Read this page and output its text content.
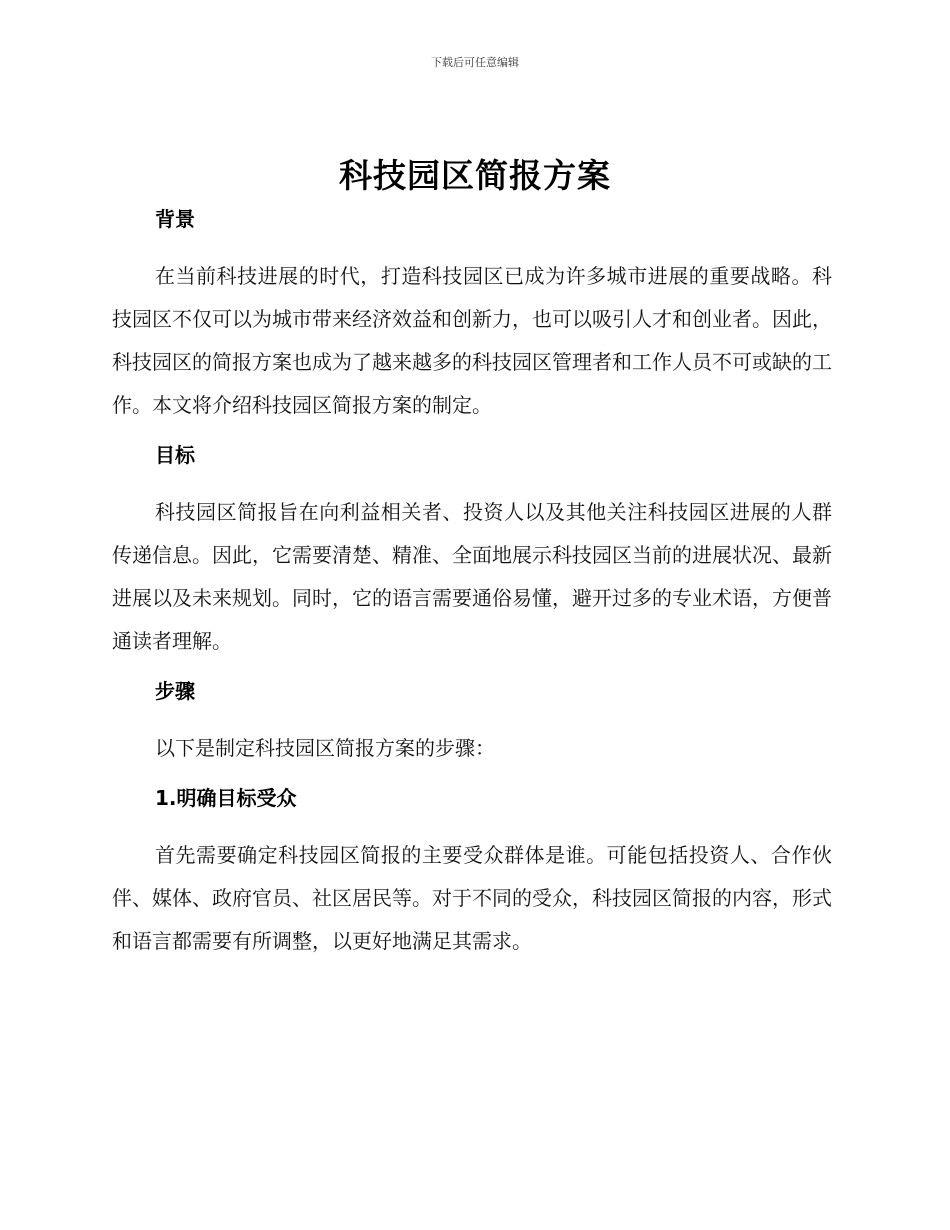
下载后可任意编辑
科技园区简报方案
背景

在当前科技进展的时代，打造科技园区已成为许多城市进展的重要战略。科技园区不仅可以为城市带来经济效益和创新力，也可以吸引人才和创业者。因此，科技园区的简报方案也成为了越来越多的科技园区管理者和工作人员不可或缺的工作。本文将介绍科技园区简报方案的制定。

目标

科技园区简报旨在向利益相关者、投资人以及其他关注科技园区进展的人群传递信息。因此，它需要清楚、精准、全面地展示科技园区当前的进展状况、最新进展以及未来规划。同时，它的语言需要通俗易懂，避开过多的专业术语，方便普通读者理解。

步骤

以下是制定科技园区简报方案的步骤：

1.明确目标受众

首先需要确定科技园区简报的主要受众群体是谁。可能包括投资人、合作伙伴、媒体、政府官员、社区居民等。对于不同的受众，科技园区简报的内容，形式和语言都需要有所调整，以更好地满足其需求。
